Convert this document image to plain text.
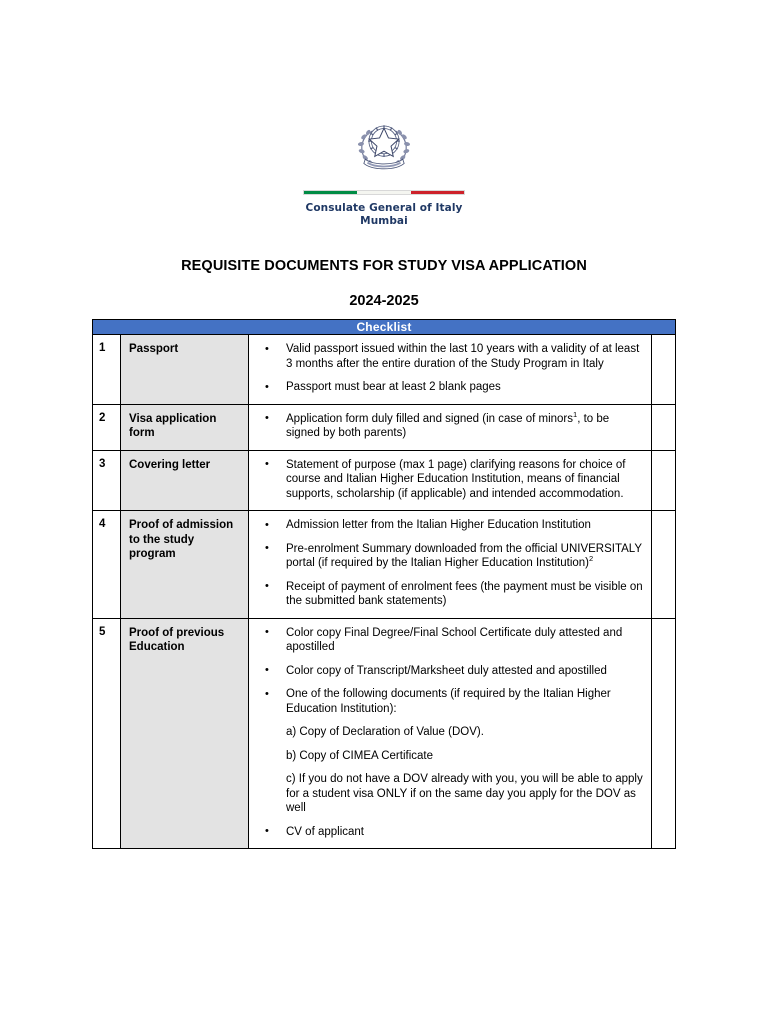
Consulate General of Italy
Mumbai
REQUISITE DOCUMENTS FOR STUDY VISA APPLICATION
2024-2025
Checklist			

1	Passport

•Valid passport issued within the last 10 years with a validity of at least 3 months after the entire duration of the Study Program in Italy
• Passport must bear at least 2 blank pages

2	Visa application form

• Application form duly filled and signed (in case of minors$^1$, to be signed by both parents)

3	Covering letter

•Statement of purpose (max 1 page) clarifying reasons for choice of course and Italian Higher Education Institution, means of financial supports, scholarship (if applicable) and intended accommodation.

4	Proof of admission to the study program

• Admission letter from the Italian Higher Education Institution
• Pre-enrolment Summary downloaded from the official UNIVERSITALY portal (if required by the Italian Higher Education Institution)$^2$
• Receipt of payment of enrolment fees (the payment must be visible on the submitted bank statements)

5	Proof of previous Education

• Color copy Final Degree/Final School Certificate duly attested and apostilled
• Color copy of Transcript/Marksheet duly attested and apostilled
• One of the following documents (if required by the Italian Higher Education Institution):
a) Copy of Declaration of Value (DOV).
b) Copy of CIMEA Certificate
c) If you do not have a DOV already with you, you will be able to apply for a student visa ONLY if on the same day you apply for the DOV as well
• CV of applicant
